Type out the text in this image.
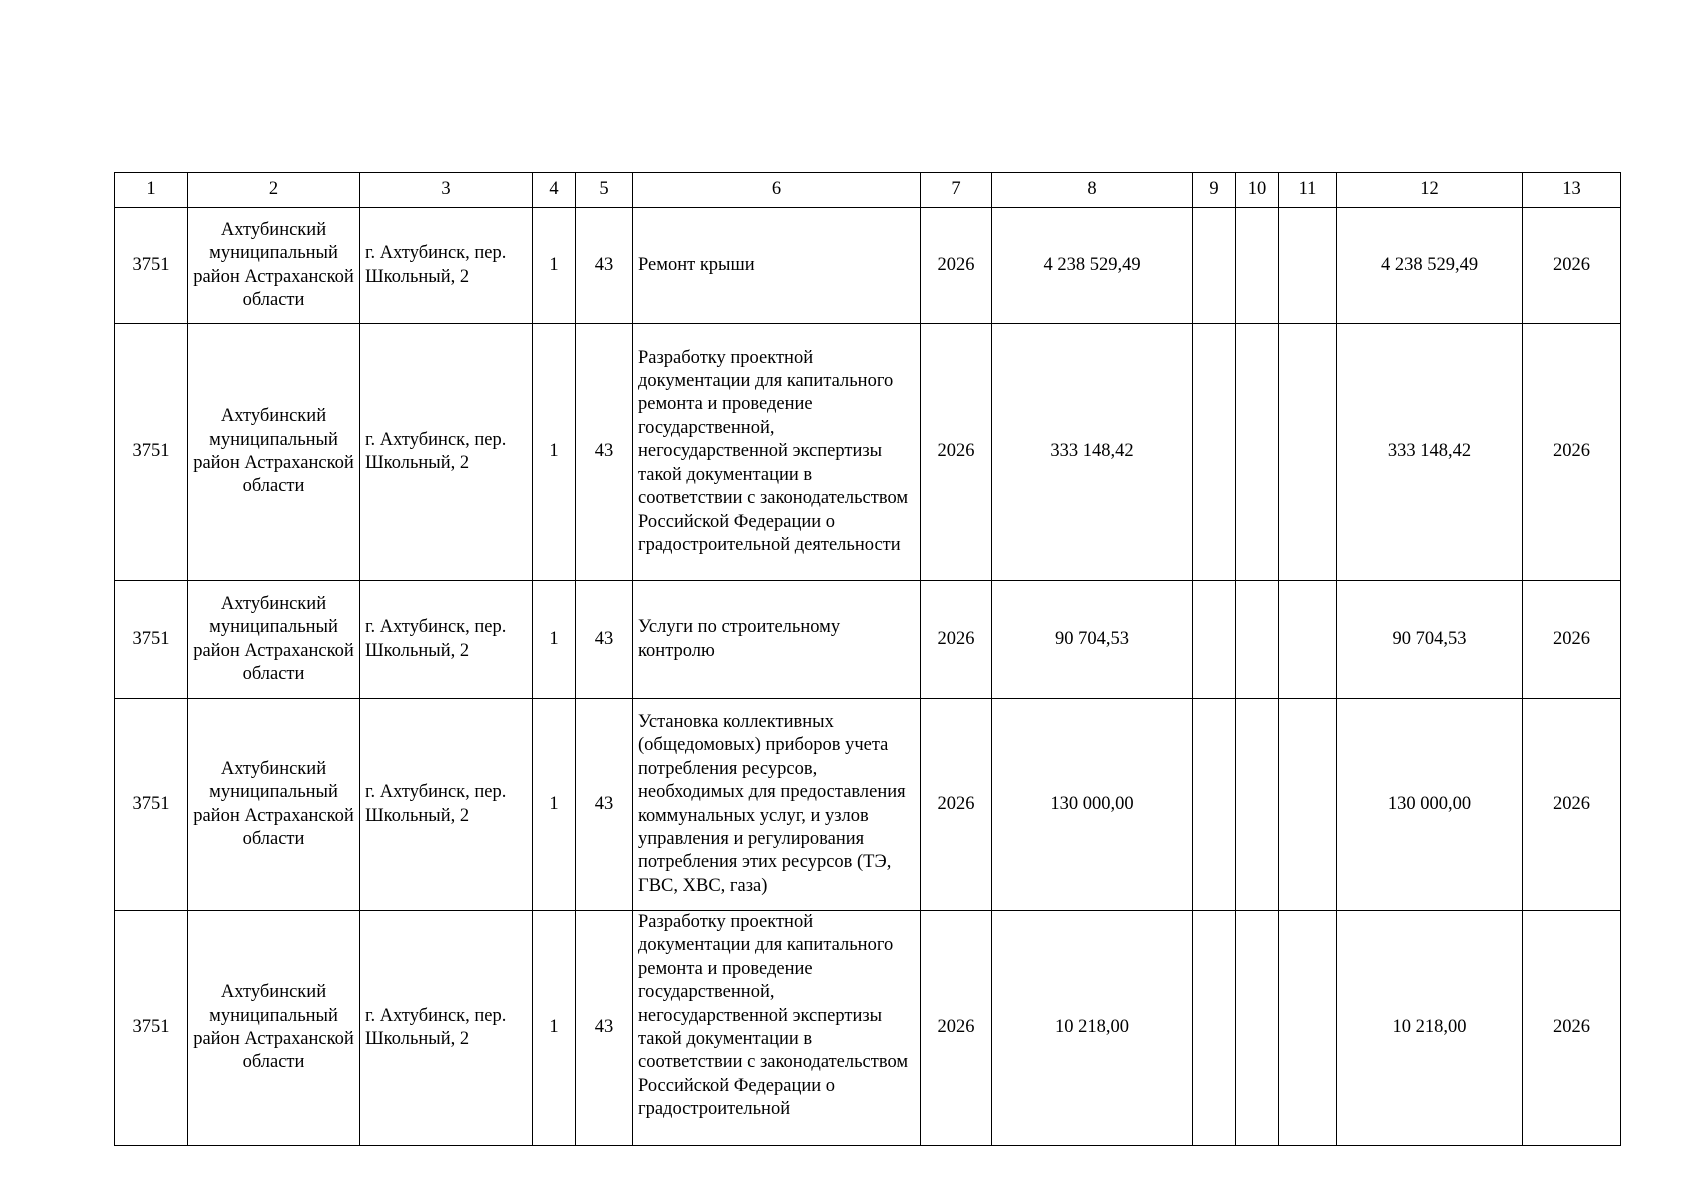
1	2	3	4	5	6	7	8	9	10	11	12	13
3751	Ахтубинский муниципальный район Астраханской области	г. Ахтубинск, пер. Школьный, 2	1	43	Ремонт крыши	2026	4 238 529,49				4 238 529,49	2026
3751	Ахтубинский муниципальный район Астраханской области	г. Ахтубинск, пер. Школьный, 2	1	43	Разработку проектной документации для капитального ремонта и проведение государственной, негосударственной экспертизы такой документации в соответствии с законодательством Российской Федерации о градостроительной деятельности	2026	333 148,42				333 148,42	2026
3751	Ахтубинский муниципальный район Астраханской области	г. Ахтубинск, пер. Школьный, 2	1	43	Услуги по строительному контролю	2026	90 704,53				90 704,53	2026
3751	Ахтубинский муниципальный район Астраханской области	г. Ахтубинск, пер. Школьный, 2	1	43	Установка коллективных (общедомовых) приборов учета потребления ресурсов, необходимых для предоставления коммунальных услуг, и узлов управления и регулирования потребления этих ресурсов (ТЭ, ГВС, ХВС, газа)	2026	130 000,00				130 000,00	2026
3751	Ахтубинский муниципальный район Астраханской области	г. Ахтубинск, пер. Школьный, 2	1	43	Разработку проектной документации для капитального ремонта и проведение государственной, негосударственной экспертизы такой документации в соответствии с законодательством Российской Федерации о градостроительной	2026	10 218,00				10 218,00	2026
